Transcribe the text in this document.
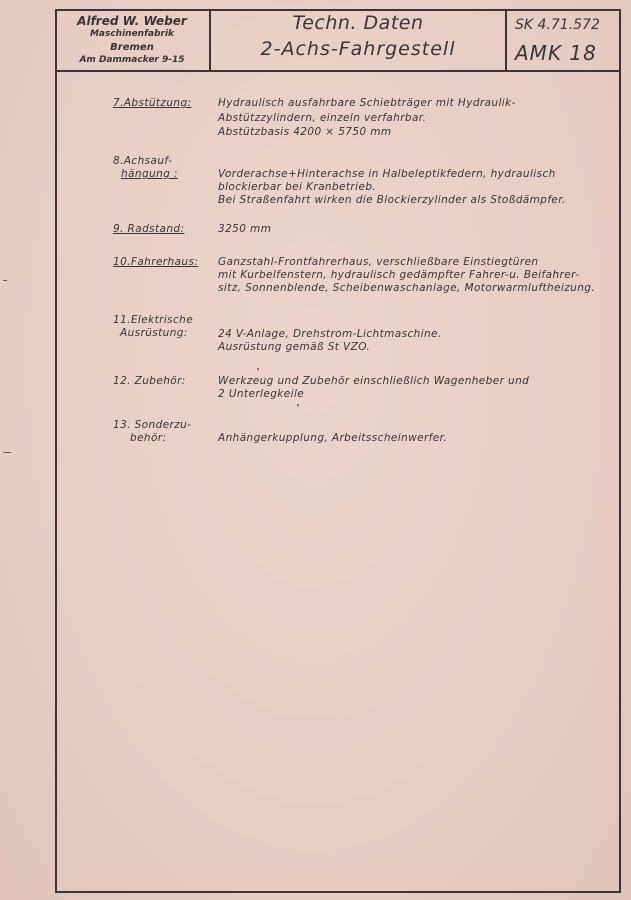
Alfred W. Weber
Maschinenfabrik
Bremen
Am Dammacker 9-15
Techn. Daten
2-Achs-Fahrgestell
SK 4.71.572
AMK 18
7.Abstützung:	Hydraulisch ausfahrbare Schiebträger mit Hydraulik-
Abstützzylindern, einzeln verfahrbar.
Abstützbasis 4200 × 5750 mm
8.Achsauf-
hängung :	Vorderachse+Hinterachse in Halbeleptikfedern, hydraulisch
blockierbar bei Kranbetrieb.
Bei Straßenfahrt wirken die Blockierzylinder als Stoßdämpfer.
9. Radstand:	3250 mm
10.Fahrerhaus:	Ganzstahl-Frontfahrerhaus, verschließbare Einstiegtüren
mit Kurbelfenstern, hydraulisch gedämpfter Fahrer-u. Beifahrer-
sitz, Sonnenblende, Scheibenwaschanlage, Motorwarmluftheizung.
11.Elektrische
Ausrüstung:	24 V-Anlage, Drehstrom-Lichtmaschine.
Ausrüstung gemäß St VZO.
12. Zubehör:	Werkzeug und Zubehör einschließlich Wagenheber und
2 Unterlegkeile
13. Sonderzu-
behör:	Anhängerkupplung, Arbeitsscheinwerfer.
